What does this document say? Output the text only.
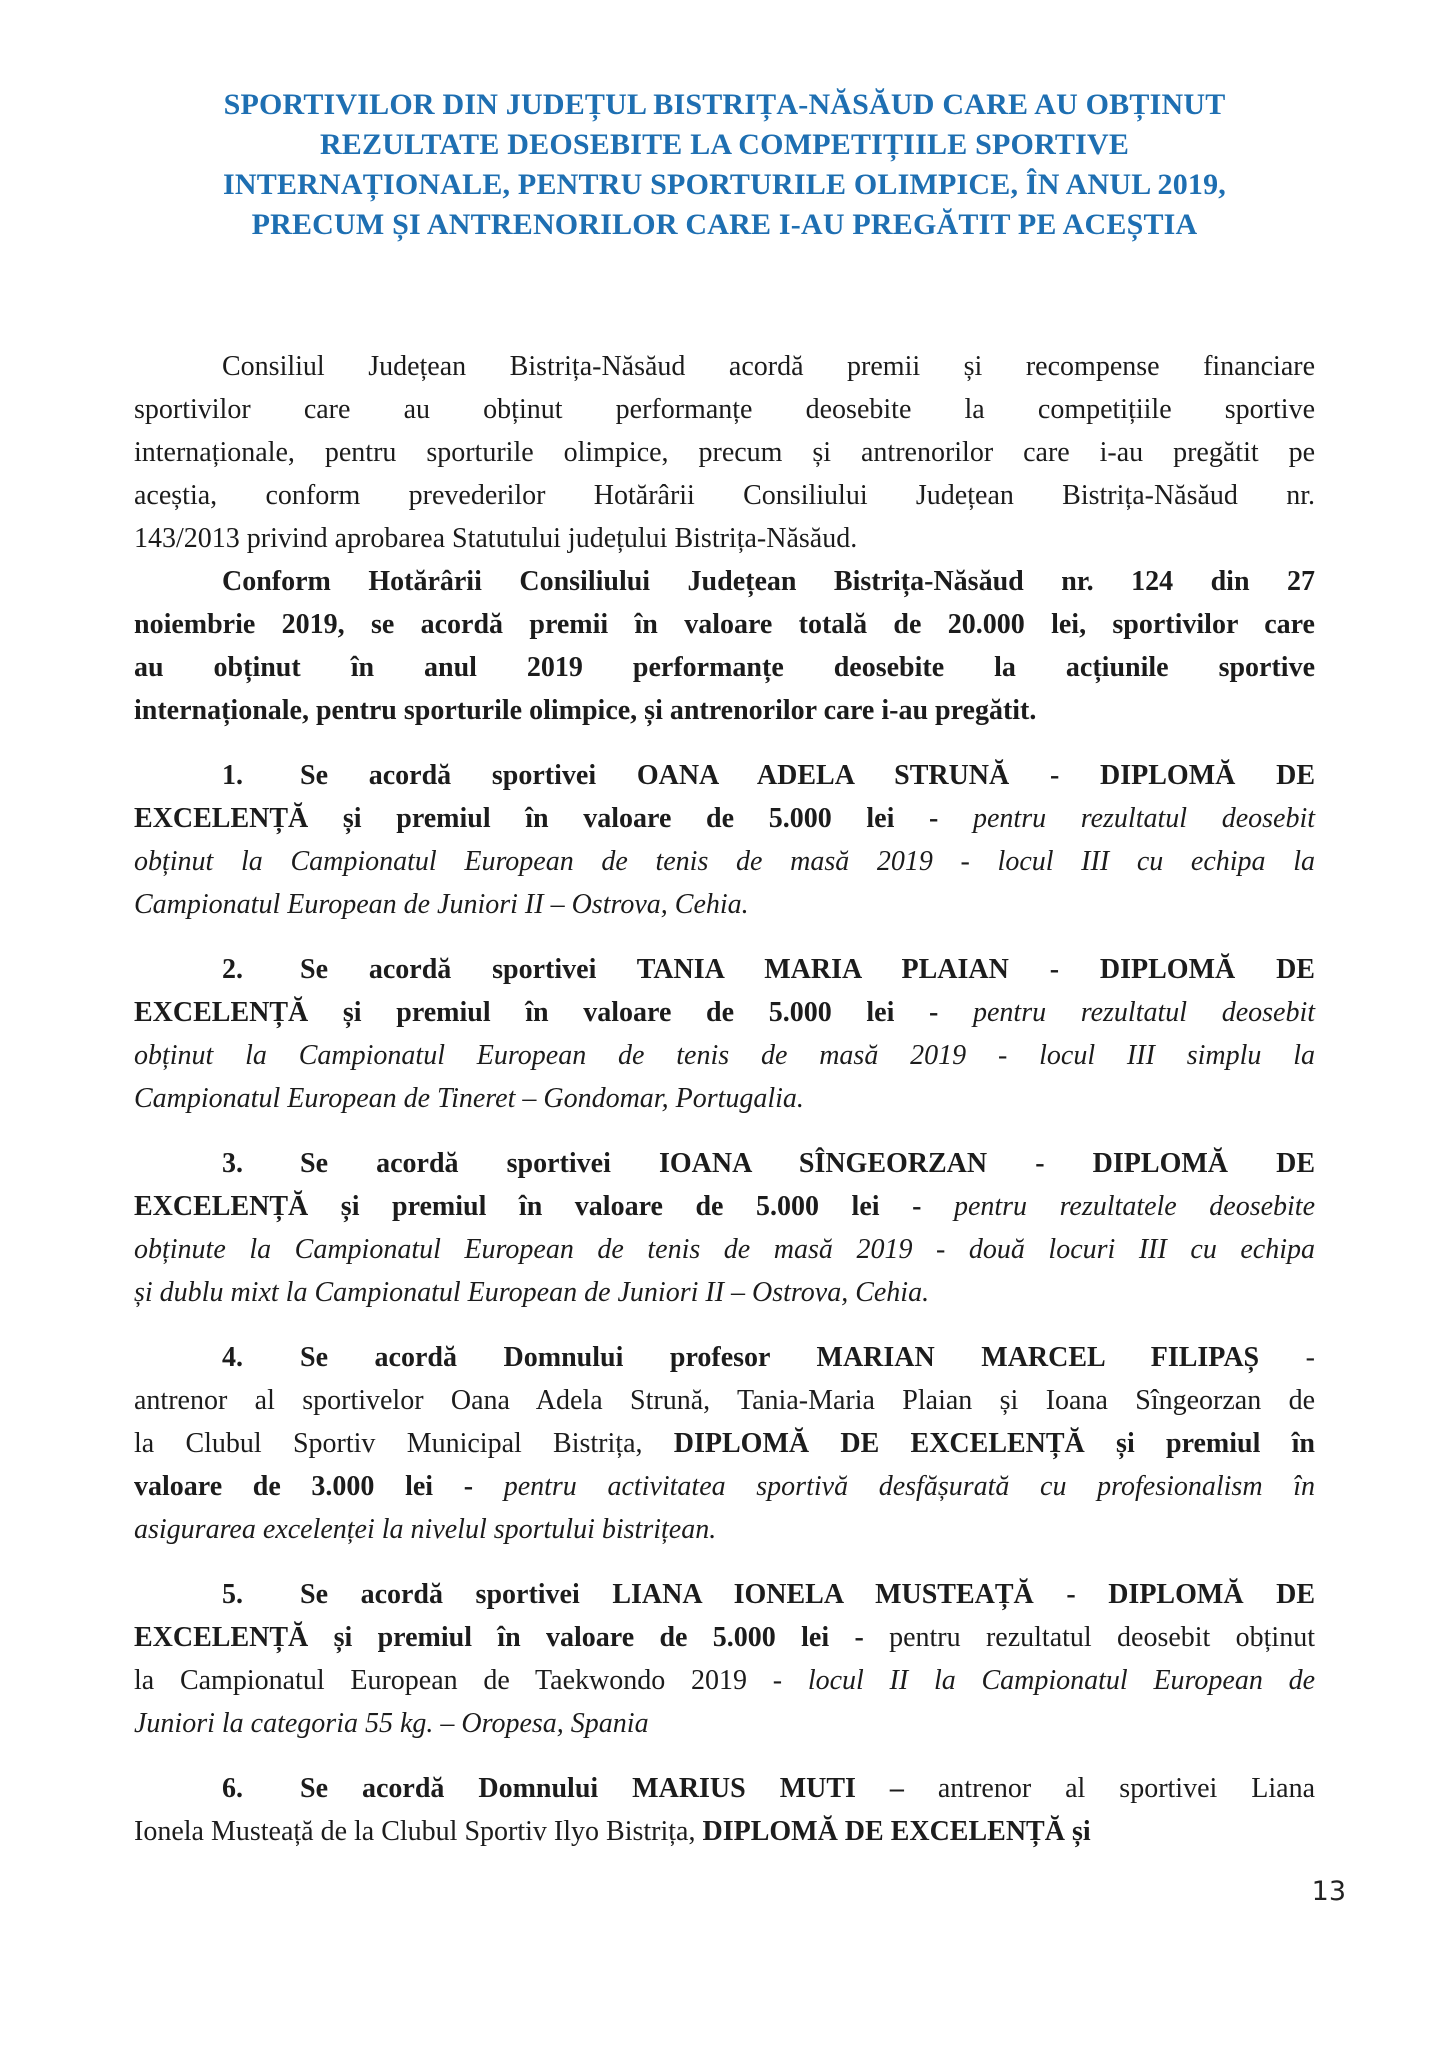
SPORTIVILOR DIN JUDEȚUL BISTRIȚA-NĂSĂUD CARE AU OBȚINUT
REZULTATE DEOSEBITE LA COMPETIȚIILE SPORTIVE
INTERNAȚIONALE, PENTRU SPORTURILE OLIMPICE, ÎN ANUL 2019,
PRECUM ȘI ANTRENORILOR CARE I-AU PREGĂTIT PE ACEȘTIA
Consiliul Județean Bistrița-Năsăud acordă premii și recompense financiare
sportivilor care au obținut performanțe deosebite la competițiile sportive
internaționale, pentru sporturile olimpice, precum și antrenorilor care i-au pregătit pe
aceștia, conform prevederilor Hotărârii Consiliului Județean Bistrița-Năsăud nr.
143/2013 privind aprobarea Statutului județului Bistrița-Năsăud.
Conform Hotărârii Consiliului Județean Bistrița-Năsăud nr. 124 din 27
noiembrie 2019, se acordă premii în valoare totală de 20.000 lei, sportivilor care
au obținut în anul 2019 performanțe deosebite la acțiunile sportive
internaționale, pentru sporturile olimpice, și antrenorilor care i-au pregătit.
1. Se acordă sportivei OANA ADELA STRUNĂ - DIPLOMĂ DE
EXCELENȚĂ și premiul în valoare de 5.000 lei - pentru rezultatul deosebit
obținut la Campionatul European de tenis de masă 2019 - locul III cu echipa la
Campionatul European de Juniori II – Ostrova, Cehia.
2. Se acordă sportivei TANIA MARIA PLAIAN - DIPLOMĂ DE
EXCELENȚĂ și premiul în valoare de 5.000 lei - pentru rezultatul deosebit
obținut la Campionatul European de tenis de masă 2019 - locul III simplu la
Campionatul European de Tineret – Gondomar, Portugalia.
3. Se acordă sportivei IOANA SÎNGEORZAN - DIPLOMĂ DE
EXCELENȚĂ și premiul în valoare de 5.000 lei - pentru rezultatele deosebite
obținute la Campionatul European de tenis de masă 2019 - două locuri III cu echipa
și dublu mixt la Campionatul European de Juniori II – Ostrova, Cehia.
4. Se acordă Domnului profesor MARIAN MARCEL FILIPAȘ -
antrenor al sportivelor Oana Adela Strună, Tania-Maria Plaian și Ioana Sîngeorzan de
la Clubul Sportiv Municipal Bistrița, DIPLOMĂ DE EXCELENȚĂ și premiul în
valoare de 3.000 lei - pentru activitatea sportivă desfășurată cu profesionalism în
asigurarea excelenței la nivelul sportului bistrițean.
5. Se acordă sportivei LIANA IONELA MUSTEAȚĂ - DIPLOMĂ DE
EXCELENȚĂ și premiul în valoare de 5.000 lei - pentru rezultatul deosebit obținut
la Campionatul European de Taekwondo 2019 - locul II la Campionatul European de
Juniori la categoria 55 kg. – Oropesa, Spania
6. Se acordă Domnului MARIUS MUTI – antrenor al sportivei Liana
Ionela Musteață de la Clubul Sportiv Ilyo Bistrița, DIPLOMĂ DE EXCELENȚĂ și
13
